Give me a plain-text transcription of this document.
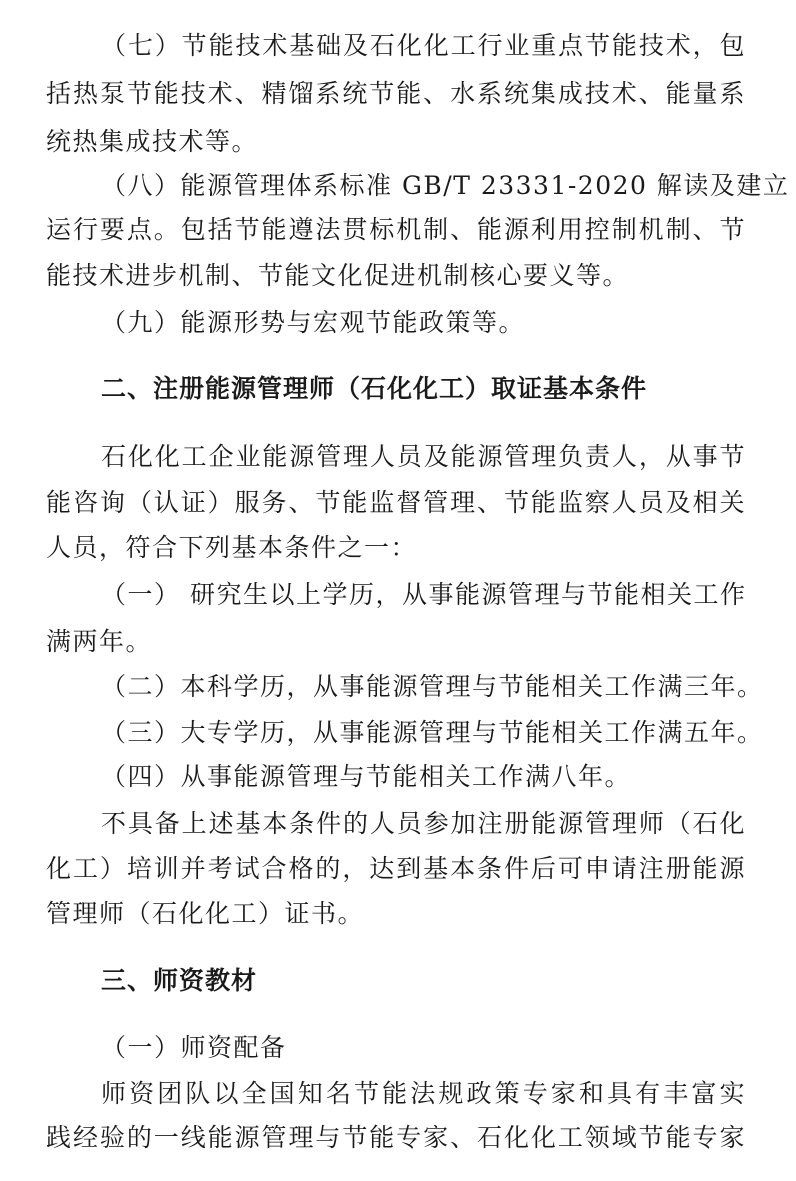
（七）节能技术基础及石化化工行业重点节能技术，包
括热泵节能技术、精馏系统节能、水系统集成技术、能量系
统热集成技术等。
（八）能源管理体系标准 GB/T 23331-2020 解读及建立
运行要点。包括节能遵法贯标机制、能源利用控制机制、节
能技术进步机制、节能文化促进机制核心要义等。
（九）能源形势与宏观节能政策等。
二、注册能源管理师（石化化工）取证基本条件
石化化工企业能源管理人员及能源管理负责人，从事节
能咨询（认证）服务、节能监督管理、节能监察人员及相关
人员，符合下列基本条件之一：
（一） 研究生以上学历，从事能源管理与节能相关工作
满两年。
（二）本科学历，从事能源管理与节能相关工作满三年。
（三）大专学历，从事能源管理与节能相关工作满五年。
（四）从事能源管理与节能相关工作满八年。
不具备上述基本条件的人员参加注册能源管理师（石化
化工）培训并考试合格的，达到基本条件后可申请注册能源
管理师（石化化工）证书。
三、师资教材
（一）师资配备
师资团队以全国知名节能法规政策专家和具有丰富实
践经验的一线能源管理与节能专家、石化化工领域节能专家
